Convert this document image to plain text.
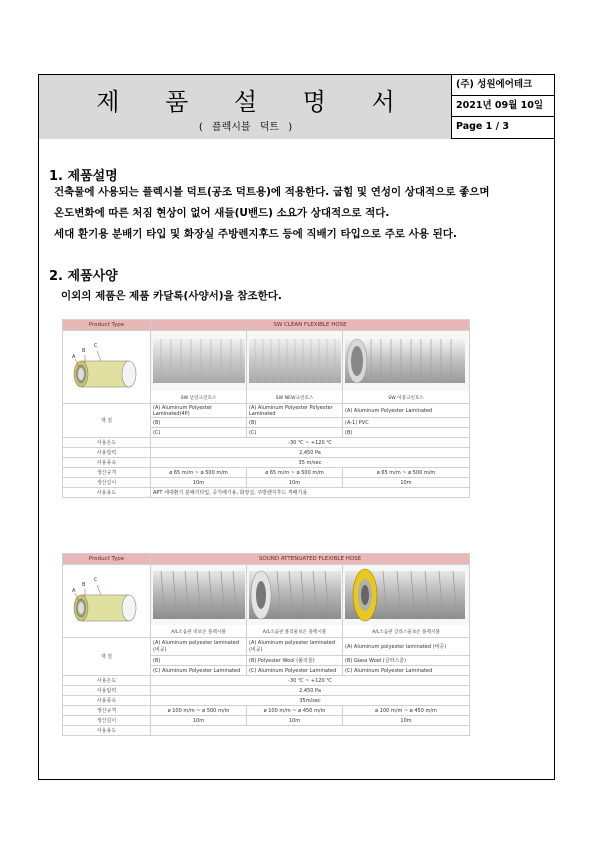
제 품 설 명 서
( 플렉시블 덕트 )
(주) 성원에어테크
2021년 09월 10일
Page 1 / 3
1. 제품설명
건축물에 사용되는 플렉시블 덕트(공조 덕트용)에 적용한다. 굽힘 및 연성이 상대적으로 좋으며
온도변화에 따른 처짐 현상이 없어 새들(U밴드) 소요가 상대적으로 적다.
세대 환기용 분배기 타입 및 화장실 주방렌지후드 등에 직배기 타입으로 주로 사용 된다.
2. 제품사양
이외의 제품은 제품 카달록(사양서)을 참조한다.
Product Type	SW CLEAN FLEXIBLE HOSE		

A
B
C	SW 난연크린호스	SW NEW크린호스	SW 이중크린호스

재 질	(A) Aluminum Polyester Laminated(4P)	(A) Aluminum Polyester Polyester Laminated	(A) Aluminum Polyester Laminated
	(B)	(B)	(A-1) PVC
	(C)	(C)	(B)
사용온도	-30 ℃ ~ +120 ℃		
사용압력	2,450 Pa		
사용풍속	35 m/sec		
생산규격	ø 65 m/m ~ ø 500 m/m	ø 65 m/m ~ ø 500 m/m	ø 65 m/m ~ ø 500 m/m
생산길이	10m	10m	10m
사용용도	APT 세대환기 분배기타입, 공기배기용, 화장실, 주방렌지후드 직배기용		
Product Type	SOUND ATTENUATED FLEXIBLE HOSE		

A
B
C	A/L소음관 비보온 플렉시블	A/L소음관 폴리울보온 플렉시블	A/L소음관 글라스울보온 플렉시블

재 질	(A) Aluminum polyester laminated (비공)	(A) Aluminum polyester laminated (비공)	(A) Aluminum polyester laminated (비공)
	(B)	(B) Polyester Wool (폴리울)	(B) Glass Wool (글라스울)
	(C) Aluminum Polyester Laminated	(C) Aluminum Polyester Laminated	(C) Aluminum Polyester Laminated
사용온도	-30 ℃ ~ +120 ℃		
사용압력	2,450 Pa		
사용풍속	35m/sec		
생산규격	ø 100 m/m ~ ø 500 m/m	ø 100 m/m ~ ø 450 m/m	ø 100 m/m ~ ø 450 m/m
생산길이	10m	10m	10m
사용용도			
